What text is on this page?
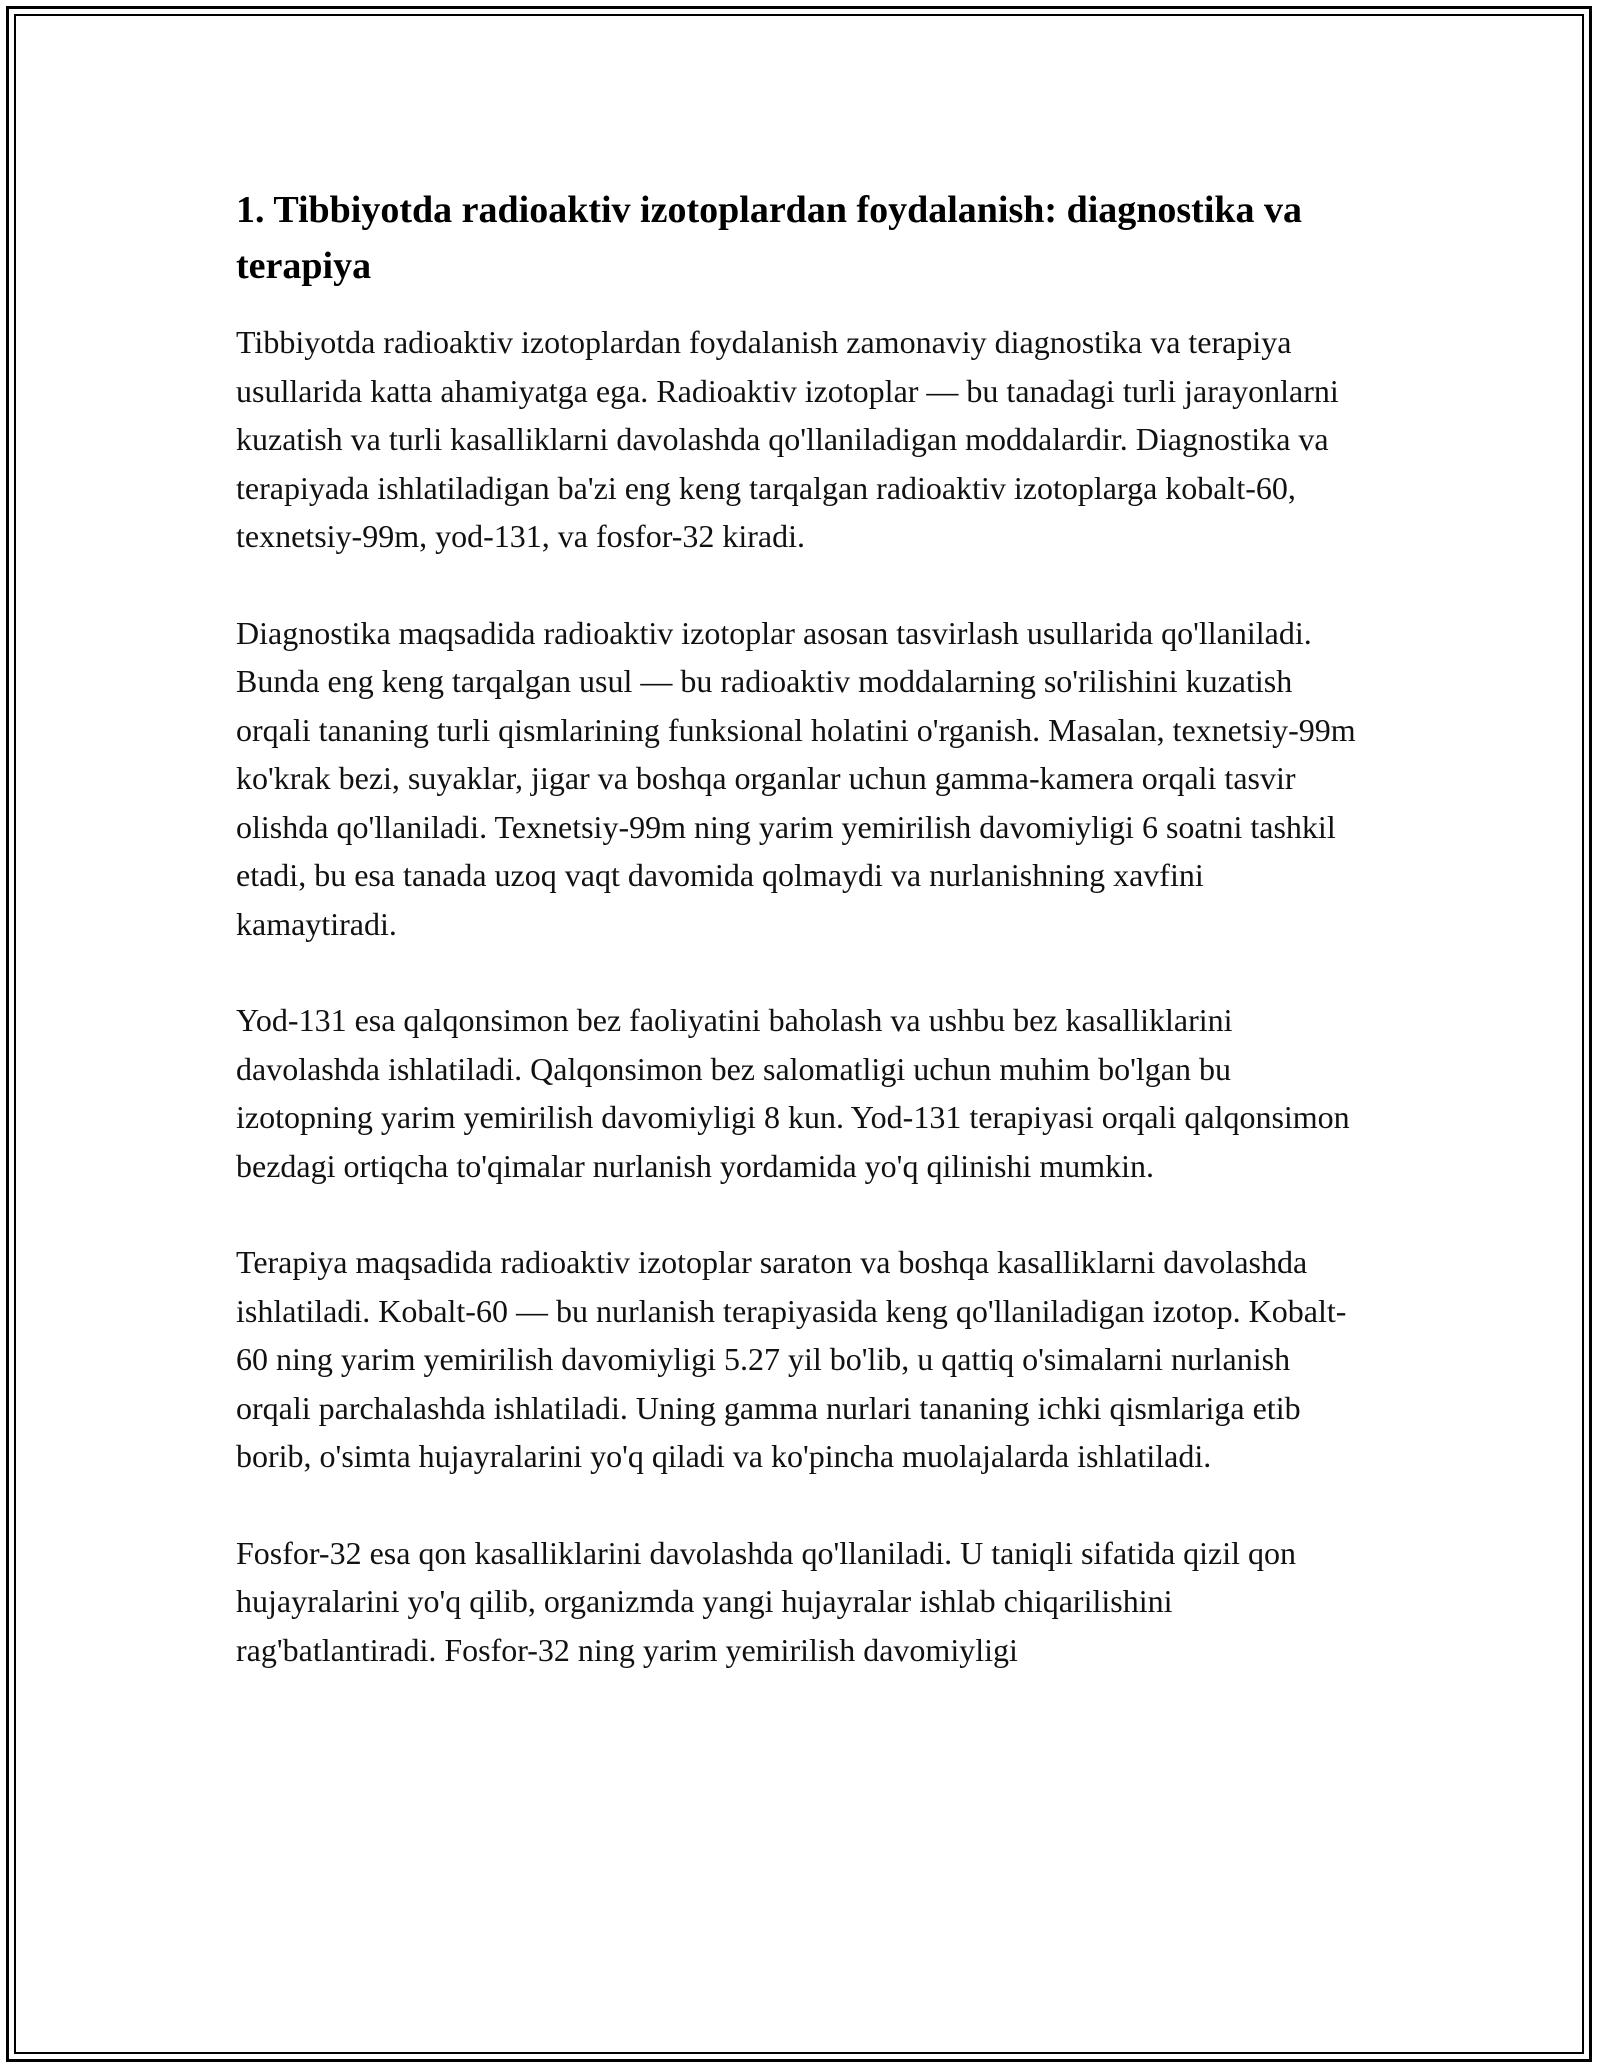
1. Tibbiyotda radioaktiv izotoplardan foydalanish: diagnostika va terapiya

Tibbiyotda radioaktiv izotoplardan foydalanish zamonaviy diagnostika va terapiya usullarida katta ahamiyatga ega. Radioaktiv izotoplar — bu tanadagi turli jarayonlarni kuzatish va turli kasalliklarni davolashda qo'llaniladigan moddalardir. Diagnostika va terapiyada ishlatiladigan ba'zi eng keng tarqalgan radioaktiv izotoplarga kobalt-60, texnetsiy-99m, yod-131, va fosfor-32 kiradi.

Diagnostika maqsadida radioaktiv izotoplar asosan tasvirlash usullarida qo'llaniladi. Bunda eng keng tarqalgan usul — bu radioaktiv moddalarning so'rilishini kuzatish orqali tananing turli qismlarining funksional holatini o'rganish. Masalan, texnetsiy-99m ko'krak bezi, suyaklar, jigar va boshqa organlar uchun gamma-kamera orqali tasvir olishda qo'llaniladi. Texnetsiy-99m ning yarim yemirilish davomiyligi 6 soatni tashkil etadi, bu esa tanada uzoq vaqt davomida qolmaydi va nurlanishning xavfini kamaytiradi.

Yod-131 esa qalqonsimon bez faoliyatini baholash va ushbu bez kasalliklarini davolashda ishlatiladi. Qalqonsimon bez salomatligi uchun muhim bo'lgan bu izotopning yarim yemirilish davomiyligi 8 kun. Yod-131 terapiyasi orqali qalqonsimon bezdagi ortiqcha to'qimalar nurlanish yordamida yo'q qilinishi mumkin.

Terapiya maqsadida radioaktiv izotoplar saraton va boshqa kasalliklarni davolashda ishlatiladi. Kobalt-60 — bu nurlanish terapiyasida keng qo'llaniladigan izotop. Kobalt-60 ning yarim yemirilish davomiyligi 5.27 yil bo'lib, u qattiq o'simalarni nurlanish orqali parchalashda ishlatiladi. Uning gamma nurlari tananing ichki qismlariga etib borib, o'simta hujayralarini yo'q qiladi va ko'pincha muolajalarda ishlatiladi.

Fosfor-32 esa qon kasalliklarini davolashda qo'llaniladi. U taniqli sifatida qizil qon hujayralarini yo'q qilib, organizmda yangi hujayralar ishlab chiqarilishini rag'batlantiradi. Fosfor-32 ning yarim yemirilish davomiyligi
